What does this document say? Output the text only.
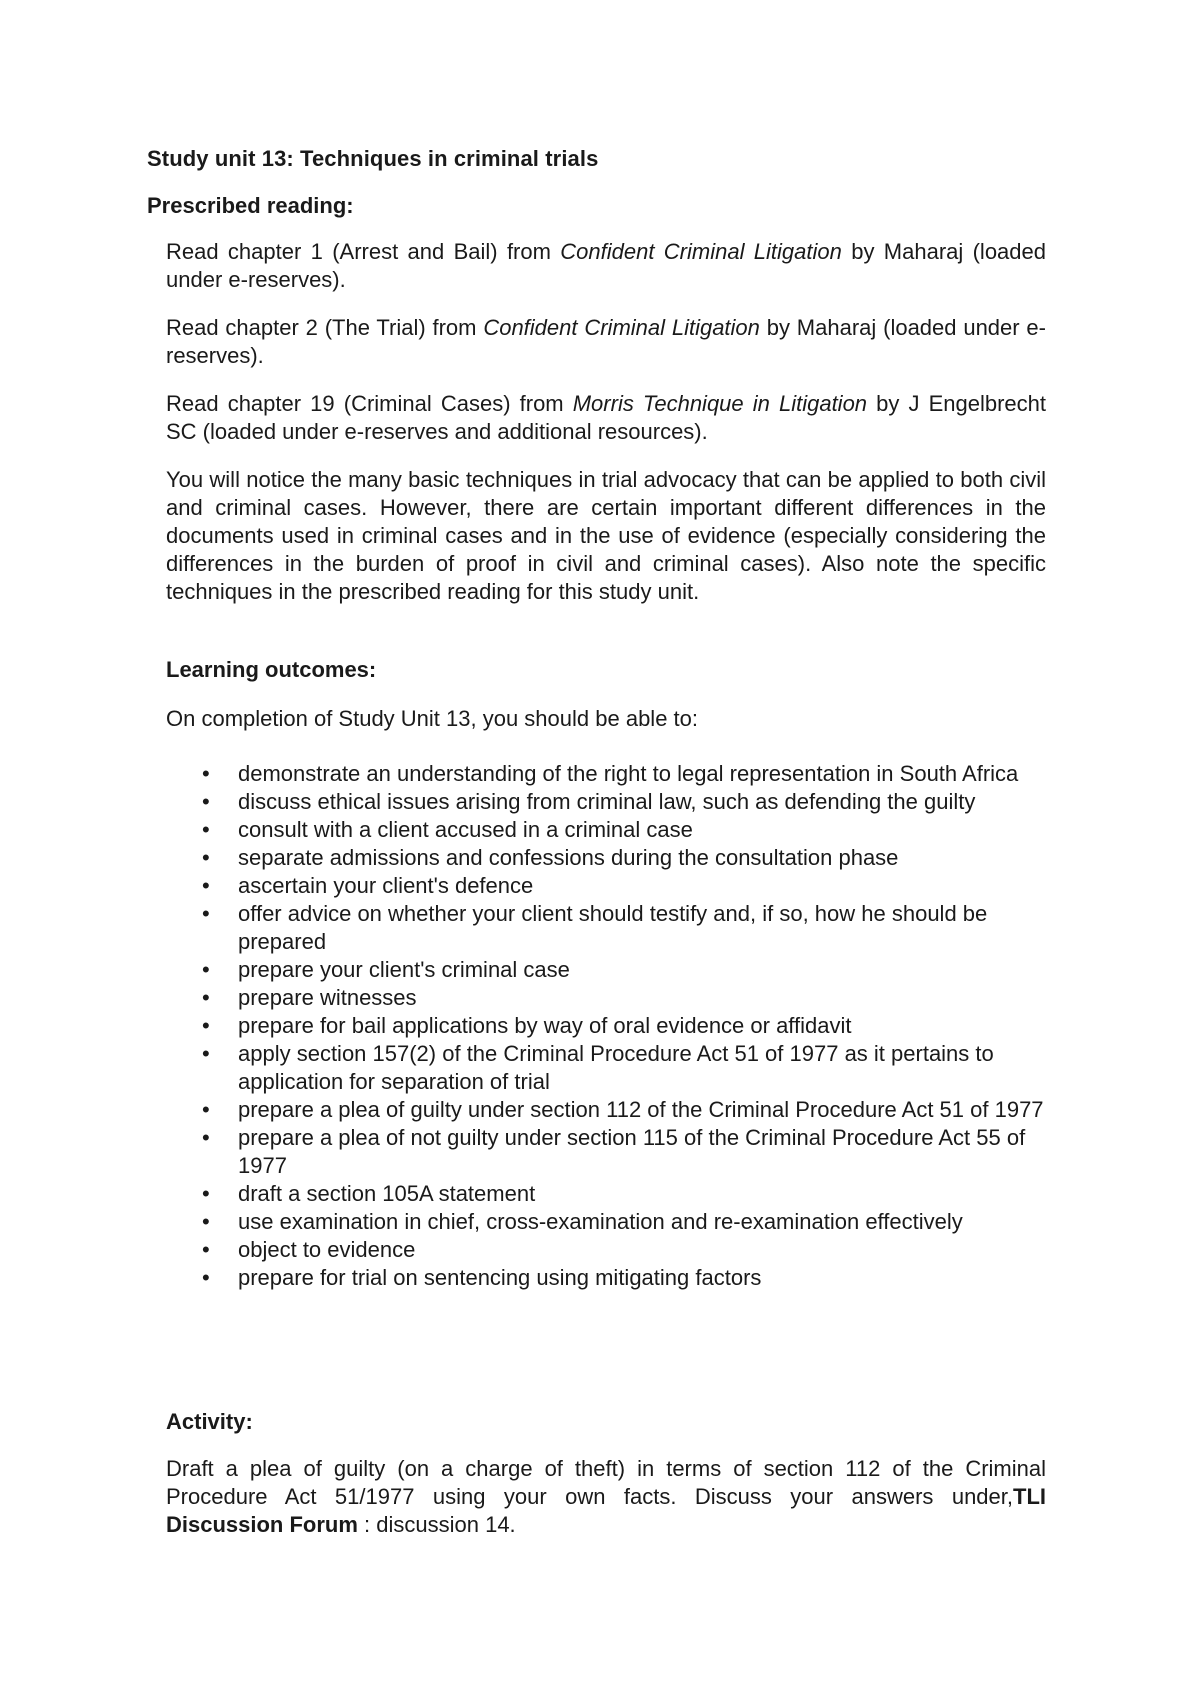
Study unit 13: Techniques in criminal trials
Prescribed reading:

Read chapter 1 (Arrest and Bail) from Confident Criminal Litigation by Maharaj (loaded under e-reserves).

Read chapter 2 (The Trial) from Confident Criminal Litigation by Maharaj (loaded under e-reserves).

Read chapter 19 (Criminal Cases) from Morris Technique in Litigation by J Engelbrecht SC (loaded under e-reserves and additional resources).

You will notice the many basic techniques in trial advocacy that can be applied to both civil and criminal cases. However, there are certain important different differences in the documents used in criminal cases and in the use of evidence (especially considering the differences in the burden of proof in civil and criminal cases). Also note the specific techniques in the prescribed reading for this study unit.

Learning outcomes:
On completion of Study Unit 13, you should be able to:
• demonstrate an understanding of the right to legal representation in South Africa
• discuss ethical issues arising from criminal law, such as defending the guilty
• consult with a client accused in a criminal case
• separate admissions and confessions during the consultation phase
• ascertain your client's defence
• offer advice on whether your client should testify and, if so, how he should be prepared
• prepare your client's criminal case
• prepare witnesses
• prepare for bail applications by way of oral evidence or affidavit
• apply section 157(2) of the Criminal Procedure Act 51 of 1977 as it pertains to application for separation of trial
• prepare a plea of guilty under section 112 of the Criminal Procedure Act 51 of 1977
• prepare a plea of not guilty under section 115 of the Criminal Procedure Act 55 of 1977
• draft a section 105A statement
• use examination in chief, cross-examination and re-examination effectively
• object to evidence
• prepare for trial on sentencing using mitigating factors
Activity:
Draft a plea of guilty (on a charge of theft) in terms of section 112 of the Criminal Procedure Act 51/1977 using your own facts. Discuss your answers under,TLI Discussion Forum : discussion 14.
